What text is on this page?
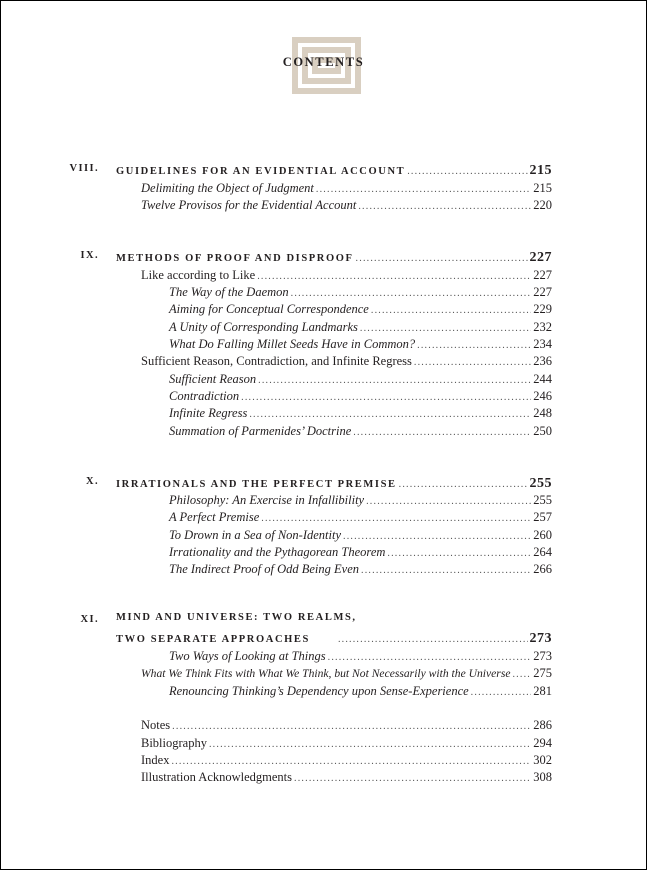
CONTENTS
VIII. GUIDELINES FOR AN EVIDENTIAL ACCOUNT .....	215
Delimiting the Object of Judgment .....	215
Twelve Provisos for the Evidential Account .....	220
IX. METHODS OF PROOF AND DISPROOF .....	227
Like according to Like .....	227
The Way of the Daemon .....	227
Aiming for Conceptual Correspondence .....	229
A Unity of Corresponding Landmarks .....	232
What Do Falling Millet Seeds Have in Common? .....	234
Sufficient Reason, Contradiction, and Infinite Regress .....	236
Sufficient Reason .....	244
Contradiction .....	246
Infinite Regress .....	248
Summation of Parmenides’ Doctrine .....	250
X. IRRATIONALS AND THE PERFECT PREMISE .....	255
Philosophy: An Exercise in Infallibility .....	255
A Perfect Premise .....	257
To Drown in a Sea of Non-Identity .....	260
Irrationality and the Pythagorean Theorem .....	264
The Indirect Proof of Odd Being Even .....	266
XI. MIND AND UNIVERSE: TWO REALMS,
TWO SEPARATE APPROACHES .....	273
Two Ways of Looking at Things .....	273
What We Think Fits with What We Think, but Not Necessarily with the Universe ..... 275
Renouncing Thinking’s Dependency upon Sense-Experience .....	281
Notes .....	286
Bibliography .....	294
Index .....	302
Illustration Acknowledgments .....	308
